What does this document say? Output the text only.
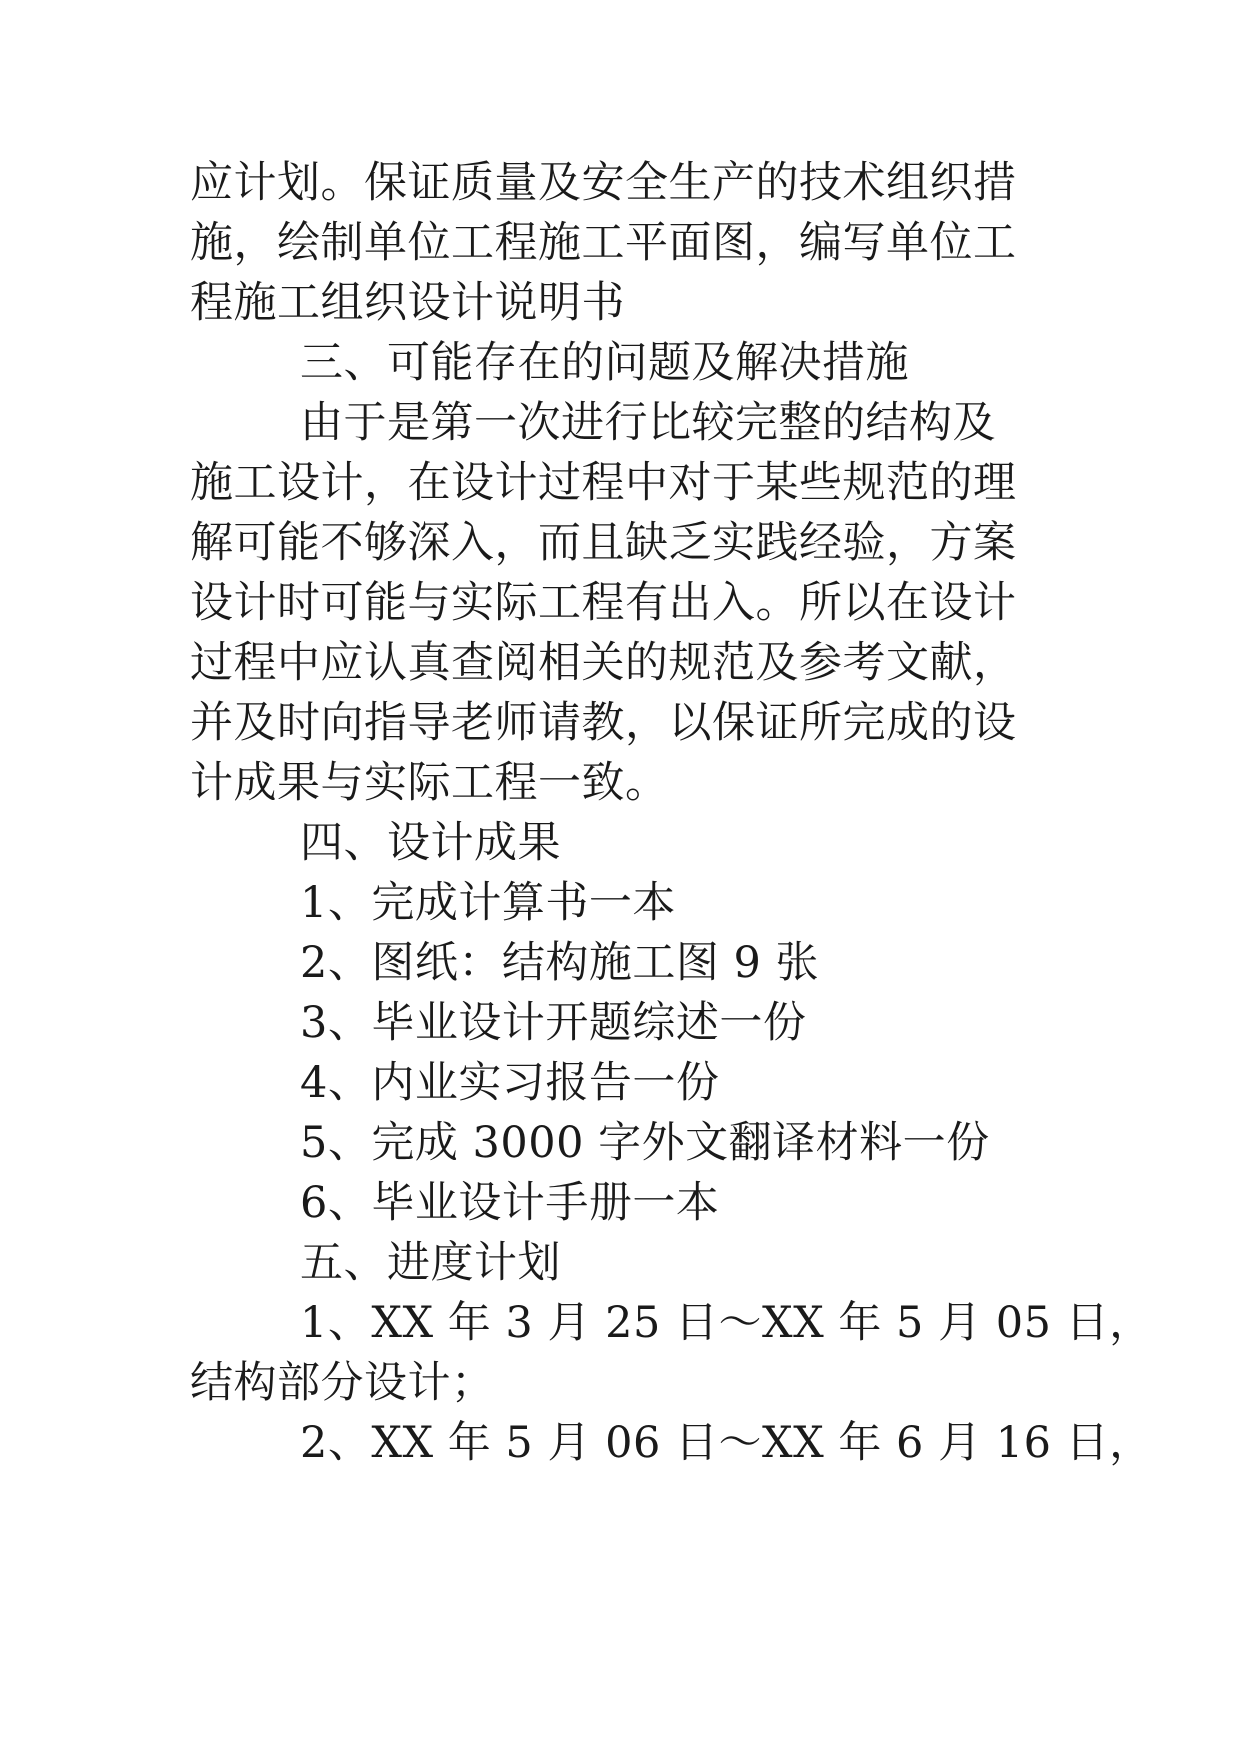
应计划。保证质量及安全生产的技术组织措
施，绘制单位工程施工平面图，编写单位工
程施工组织设计说明书
三、可能存在的问题及解决措施
由于是第一次进行比较完整的结构及
施工设计，在设计过程中对于某些规范的理
解可能不够深入，而且缺乏实践经验，方案
设计时可能与实际工程有出入。所以在设计
过程中应认真查阅相关的规范及参考文献，
并及时向指导老师请教，以保证所完成的设
计成果与实际工程一致。
四、设计成果
1、完成计算书一本
2、图纸：结构施工图 9 张
3、毕业设计开题综述一份
4、内业实习报告一份
5、完成 3000 字外文翻译材料一份
6、毕业设计手册一本
五、进度计划
1、XX 年 3 月 25 日～XX 年 5 月 05 日，
结构部分设计；
2、XX 年 5 月 06 日～XX 年 6 月 16 日，
